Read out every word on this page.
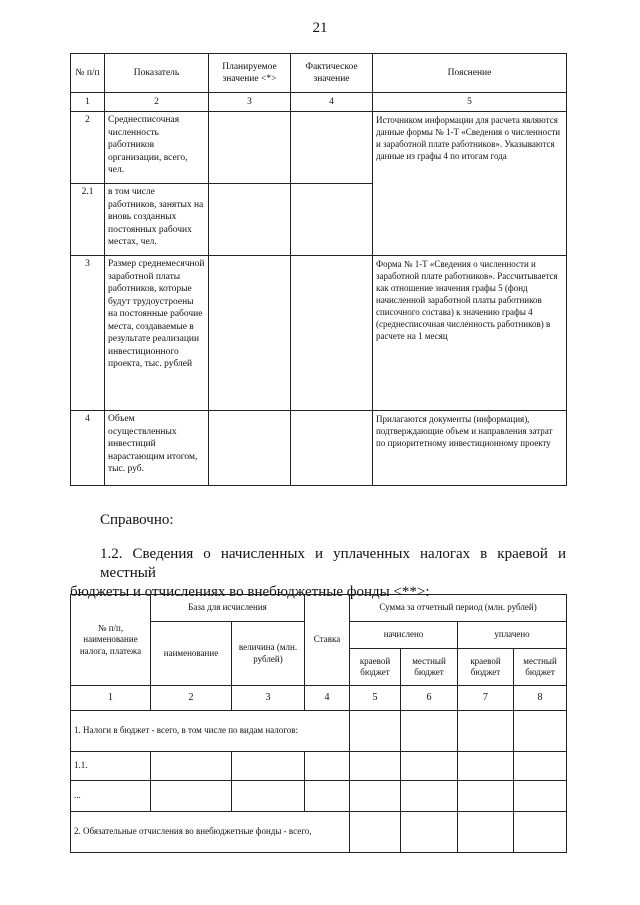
21
№ п/п	Показатель	Планируемое значение <*>	Фактическое значение	Пояснение
1	2	3	4	5
2	Среднесписочная численность работников организации, всего, чел.			Источником информации для расчета являются данные формы № 1-Т «Сведения о численности и заработной плате работников». Указываются данные из графы 4 по итогам года
2.1	в том числе работников, занятых на вновь созданных постоянных рабочих местах, чел.			
3	Размер среднемесячной заработной платы работников, которые будут трудоустроены на постоянные рабочие места, создаваемые в результате реализации инвестиционного проекта, тыс. рублей			Форма № 1-Т «Сведения о численности и заработной плате работников». Рассчитывается как отношение значения графы 5 (фонд начисленной заработной платы работников списочного состава) к значению графы 4 (среднесписочная численность работников) в расчете на 1 месяц
4	Объем осуществленных инвестиций нарастающим итогом, тыс. руб.			Прилагаются документы (информация), подтверждающие объем и направления затрат по приоритетному инвестиционному проекту
Справочно:
1.2. Сведения о начисленных и уплаченных налогах в краевой и местный
бюджеты и отчислениях во внебюджетные фонды <**>:
№ п/п, наименование налога, платежа	База для исчисления		Ставка	Сумма за отчетный период (млн. рублей)			
	наименование	величина (млн. рублей)		начислено		уплачено	
				краевой бюджет	местный бюджет	краевой бюджет	местный бюджет
1	2	3	4	5	6	7	8
1. Налоги в бюджет - всего, в том числе по видам налогов:							
1.1.							
...							
2. Обязательные отчисления во внебюджетные фонды - всего,							
